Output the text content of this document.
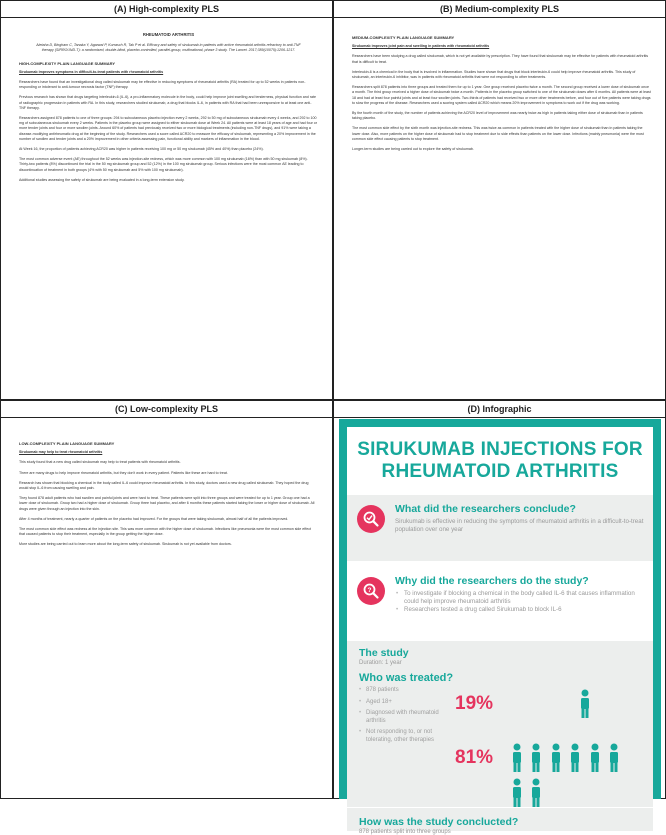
(A) High-complexity PLS
RHEUMATOID ARTHRITIS
Aletaha D, Bingham C, Tanaka Y, Agarwal P, Kurrasch R, Tak P et al. Efficacy and safety of sirukumab in patients with active rheumatoid arthritis refractory to anti-TNF therapy (SIRROUND-T): a randomised, double-blind, placebo-controlled, parallel-group, multinational, phase 3 study. The Lancet. 2017;389(10075):1206-1217.
HIGH-COMPLEXITY PLAIN LANGUAGE SUMMARY
Sirukumab improves symptoms in difficult-to-treat patients with rheumatoid arthritis

Researchers have found that an investigational drug called sirukumab may be effective in reducing symptoms of rheumatoid arthritis (RA) treated for up to 52 weeks in patients non-responding or intolerant to anti-tumour necrosis factor (TNF) therapy.

Previous research has shown that drugs targeting interleukin-6 (IL-6), a pro-inflammatory molecule in the body, could help improve joint swelling and tenderness, physical function and rate of radiographic progression in patients with RA. In this study, researchers studied sirukumab, a drug that blocks IL-6, in patients with RA that had been unresponsive to at least one anti-TNF therapy.

Researchers assigned 878 patients to one of three groups: 294 to subcutaneous placebo injection every 2 weeks, 292 to 50 mg of subcutaneous sirukumab every 4 weeks, and 292 to 100 mg of subcutaneous sirukumab every 2 weeks. Patients in the placebo group were assigned to either sirukumab dose at Week 24. All patients were at least 18 years of age and had four or more tender joints and four or more swollen joints. Around 60% of patients had previously received two or more biological treatments (including non-TNF drugs), and 91% were taking a disease-modifying antirheumatic drug at the beginning of the study. Researchers used a score called ACR20 to measure the efficacy of sirukumab, representing a 20% improvement in the number of swollen and tender joints and a 20% improvement in other criteria assessing pain, functional ability and markers of inflammation in the blood.

At Week 16, the proportion of patients achieving ACR20 was higher in patients receiving 100 mg or 50 mg sirukumab (45% and 40%) than placebo (24%).

The most common adverse event (AE) throughout the 52 weeks was injection-site redness, which was more common with 100 mg sirukumab (16%) than with 50 mg sirukumab (8%). Thirty-two patients (8%) discontinued the trial in the 50 mg sirukumab group and 52 (12%) in the 100 mg sirukumab group. Serious infections were the most common AE leading to discontinuation of treatment in both groups (4% with 50 mg sirukumab and 5% with 100 mg sirukumab).

Additional studies assessing the safety of sirukumab are being evaluated in a long-term extension study.

(B) Medium-complexity PLS
MEDIUM-COMPLEXITY PLAIN LANGUAGE SUMMARY
Sirukumab improves joint pain and swelling in patients with rheumatoid arthritis

Researchers have been studying a drug called sirukumab, which is not yet available by prescription. They have found that sirukumab may be effective for patients with rheumatoid arthritis that is difficult to treat.

Interleukin-6 is a chemical in the body that is involved in inflammation. Studies have shown that drugs that block interleukin-6 could help improve rheumatoid arthritis. This study of sirukumab, an interleukin-6 inhibitor, was in patients with rheumatoid arthritis that were not responding to other treatments.

Researchers split 878 patients into three groups and treated them for up to 1 year. One group received placebo twice a month. The second group received a lower dose of sirukumab once a month. The third group received a higher dose of sirukumab twice a month. Patients in the placebo group switched to one of the sirukumab doses after 6 months. All patients were at least 18 and had at least four painful joints and at least four swollen joints. Two-thirds of patients had received two or more other treatments before, and four out of five patients were taking drugs to slow the progress of the disease. Researchers used a scoring system called ACR20 which means 20% improvement in symptoms to work out if the drug was working.

By the fourth month of the study, the number of patients achieving the ACR20 level of improvement was nearly twice as high in patients taking either dose of sirukumab than in patients taking placebo.

The most common side effect by the sixth month was injection-site redness. This was twice as common in patients treated with the higher dose of sirukumab than in patients taking the lower dose. Also, more patients on the higher dose of sirukumab had to stop treatment due to side effects than patients on the lower dose. Infections (mainly pneumonia) were the most common side effect causing patients to stop treatment.

Longer-term studies are being carried out to explore the safety of sirukumab.

(C) Low-complexity PLS
LOW-COMPLEXITY PLAIN LANGUAGE SUMMARY
Sirukumab may help to treat rheumatoid arthritis

This study found that a new drug called sirukumab may help to treat patients with rheumatoid arthritis.

There are many drugs to help improve rheumatoid arthritis, but they don't work in every patient. Patients like these are hard to treat.

Research has shown that blocking a chemical in the body called IL-6 could improve rheumatoid arthritis. In this study, doctors used a new drug called sirukumab. They hoped the drug would stop IL-6 from causing swelling and pain.

They found 878 adult patients who had swollen and painful joints and were hard to treat. These patients were split into three groups and were treated for up to 1 year. Group one had a lower dose of sirukumab. Group two had a higher dose of sirukumab. Group three had placebo, and after 6 months these patients started taking the lower or higher dose of sirukumab. All drugs were given through an injection into the skin.

After 4 months of treatment, nearly a quarter of patients on the placebo had improved. For the groups that were taking sirukumab, almost half of all the patients improved.

The most common side effect was redness at the injection site. This was more common with the higher dose of sirukumab. Infections like pneumonia were the most common side effect that caused patients to stop their treatment, especially in the group getting the higher dose.

More studies are being carried out to learn more about the long-term safety of sirukumab. Sirukumab is not yet available from doctors.

(D) Infographic
SIRUKUMAB INJECTIONS FOR
RHEUMATOID ARTHRITIS
What did the researchers conclude?
Sirukumab is effective in reducing the symptoms of rheumatoid arthritis in a difficult-to-treat population over one year
?
Why did the researchers do the study?
• To investigate if blocking a chemical in the body called IL-6 that causes inflammation could help improve rheumatoid arthritis
• Researchers tested a drug called Sirukumab to block IL-6
The study
Duration: 1 year
Who was treated?
• 878 patients
• Aged 18+
• Diagnosed with rheumatoid arthritis
• Not responding to, or not tolerating, other therapies
19%
81%

How was the study conclucted?
878 patients split into three groups
